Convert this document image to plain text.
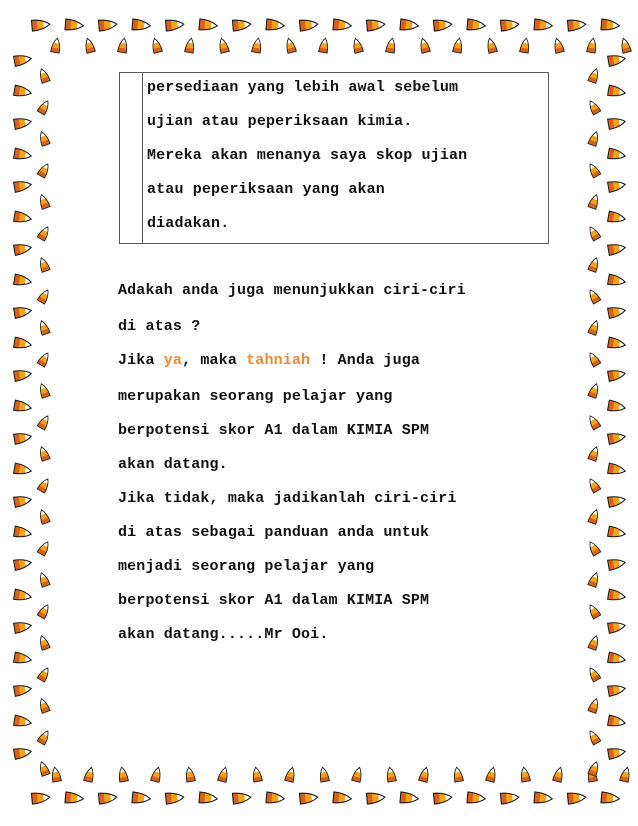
persediaan yang lebih awal sebelum
ujian atau peperiksaan kimia.
Mereka akan menanya saya skop ujian
atau peperiksaan yang akan
diadakan.
Adakah anda juga menunjukkan ciri-ciri
di atas ?
Jika ya, maka tahniah ! Anda juga
merupakan seorang pelajar yang
berpotensi skor A1 dalam KIMIA SPM
akan datang.
Jika tidak, maka jadikanlah ciri-ciri
di atas sebagai panduan anda untuk
menjadi seorang pelajar yang
berpotensi skor A1 dalam KIMIA SPM
akan datang.....Mr Ooi.
